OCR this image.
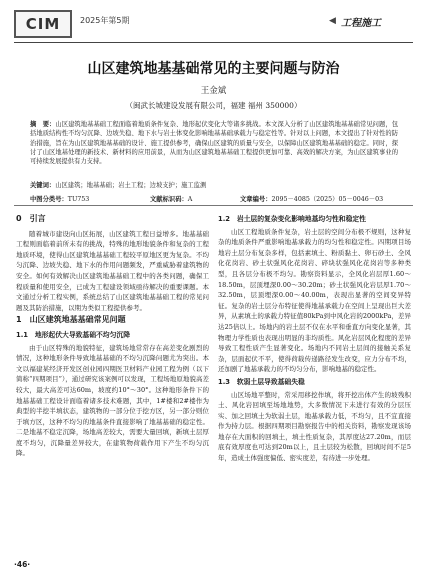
CIM	2025年第5期	◀ 工程施工
山区建筑地基基础常见的主要问题与防治
王金斌
（闽武长城建设发展有限公司，福建 福州 350000）
摘　要：山区建筑地基基础工程面临着地质条件复杂、地形起伏变化大等诸多挑战。本文深入分析了山区建筑地基基础常见问题，包括地质结构性不均匀沉降、边坡失稳、地下水与岩土体变化影响地基基础承载力与稳定性等。针对以上问题，本文提出了针对性的防治措施，旨在为山区建筑地基基础的设计、施工提供参考，确保山区建筑的质量与安全，以保障山区建筑地基基础的稳定。同时，探讨了山区地基处理的新技术、新材料的应用前景，从而为山区建筑地基基础工程提供更加可靠、高效的解决方案，为山区建筑事业的可持续发展提供有力支持。
关键词：山区建筑；地基基础；岩土工程；边坡支护；施工监测
中图分类号：TU753	文献标识码：A	文章编号：2095－4085（2025）05－0046－03
0　引言

随着城市建设向山区拓展，山区建筑工程日益增多。地基基础工程则面临着前所未有的挑战，特殊的地形地貌条件和复杂的工程地质环境，使得山区建筑地基基础工程较平原地区更为复杂。不均匀沉降、边坡失稳、地下水的作用问题频发，严重威胁着建筑物的安全。如何有效解决山区建筑地基基础工程中的各类问题，确保工程质量和使用安全，已成为工程建设领域亟待解决的重要课题。本文通过分析工程实例，系统总结了山区建筑地基基础工程的常见问题及其防治措施，以期为类似工程提供参考。

1　山区建筑地基基础常见问题
1.1　地形起伏大导致基础不均匀沉降

由于山区特殊的地貌特征，建筑场地常常存在高差变化剧烈的情况，这种地形条件导致地基基础的不均匀沉降问题尤为突出。本文以福建某经济开发区创业园四期医卫材料产业园工程为例（以下简称“四期项目”），通过研究该案例可以发现，工程场地原地貌高差较大，最大高差可达60m，坡度约10°～30°。这种地形条件下的地基基础工程设计面临着诸多技术难题，其中，1#楼和2#楼作为典型的半挖半填状态，建筑物的一部分位于挖方区，另一部分则位于填方区，这种不均匀的地基条件直接影响了地基基础的稳定性。二是地基不稳定沉降，场地高差较大，需要大量回填，新填土层厚度不均匀，沉降量差异较大，在建筑物荷载作用下产生不均匀沉降。

1.2　岩土层的复杂变化影响地基均匀性和稳定性

山区工程地质条件复杂，岩土层的空间分布极不规则，这种复杂的地质条件严重影响地基承载力的均匀性和稳定性。四期项目场地岩土层分布复杂多样，包括素填土、粉质黏土、卵石砂土、全风化花岗岩、砂土状强风化花岗岩、碎块状强风化花岗岩等多种类型，且各层分布极不均匀。勘察资料显示，全风化岩层厚1.60～18.50m，层顶埋深0.00～30.20m；砂土状强风化岩层厚1.70～32.50m，层顶埋深0.00～40.00m，表现出显著的空间变异特征。复杂的岩土层分布特征使得地基承载力在空间上呈现出巨大差异，从素填土的承载力特征值80kPa到中风化岩的2000kPa，差异达25倍以上。场地内的岩土层不仅在水平和垂直方向变化显著，其物理力学性质也表现出明显的非均质性。风化岩层风化程度的差异导致工程性质产生显著变化。场地内不同岩土层间的接触关系复杂，层面起伏不平，使得荷载传递路径发生改变，应力分布不均，还加剧了地基承载力的不均匀分布，影响地基的稳定性。

1.3　软弱土层导致基础失稳

山区场地平整时，常采用移挖作填，将开挖出体产生的坡残积土、风化岩回填至场地地势，大多数情况下未进行有效的分层压实、加之回填土为软弱土层，地基承载力低，不均匀，且不宜直接作为持力层。根据四期项目勘察报告中的相关资料，勘察发现该场地存在大面积的回填土，填土性质复杂，其厚度达27.20m，而层底有效厚度也可达到20m以上，且土层较为松散，回填时间不足5年，造成土体强度偏低、密实度差，有待进一步处理。

·46·
